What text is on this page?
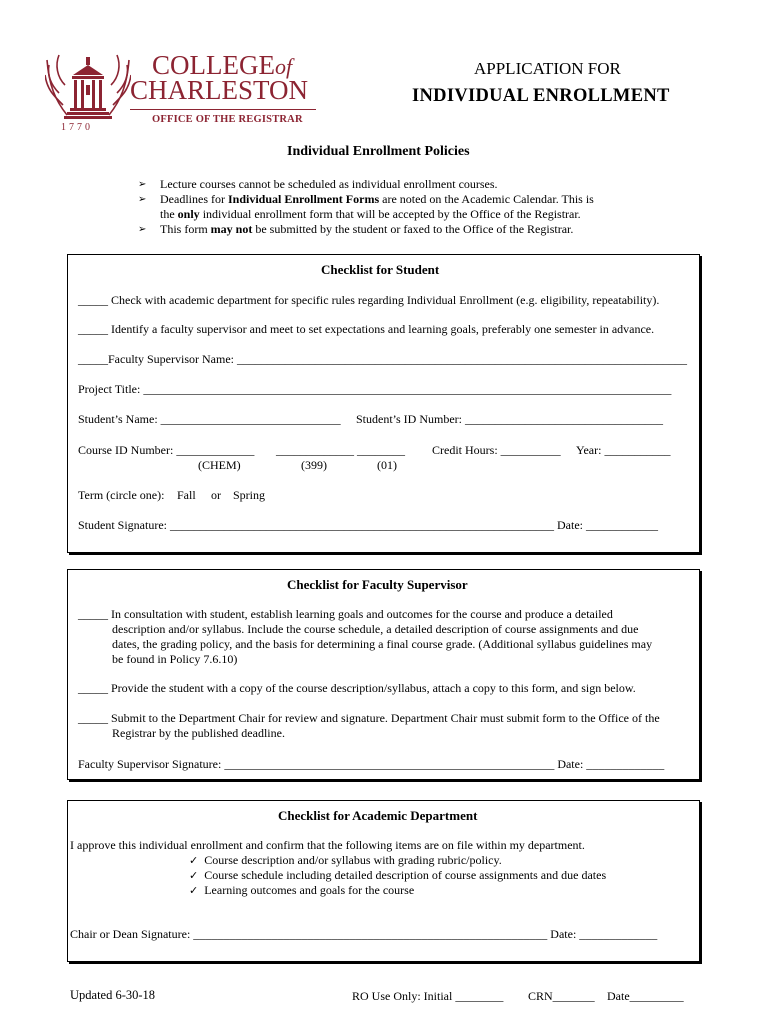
COLLEGEof
CHARLESTON
OFFICE OF THE REGISTRAR
1770
APPLICATION FOR
INDIVIDUAL ENROLLMENT
Individual Enrollment Policies
➢ Lecture courses cannot be scheduled as individual enrollment courses.
➢ Deadlines for Individual Enrollment Forms are noted on the Academic Calendar. This is
the only individual enrollment form that will be accepted by the Office of the Registrar.
➢ This form may not be submitted by the student or faxed to the Office of the Registrar.
Checklist for Student
_____ Check with academic department for specific rules regarding Individual Enrollment (e.g. eligibility, repeatability).
_____ Identify a faculty supervisor and meet to set expectations and learning goals, preferably one semester in advance.
_____Faculty Supervisor Name: ___________________________________________________________________________
Project Title: ________________________________________________________________________________________
Student’s Name: ______________________________ Student’s ID Number: _________________________________
Course ID Number: _____________ _____________ ________ Credit Hours: __________ Year: ___________
(CHEM)	(399)	(01)
Term (circle one): Fall or Spring
Student Signature: ________________________________________________________________ Date: ____________
Checklist for Faculty Supervisor
_____ In consultation with student, establish learning goals and outcomes for the course and produce a detailed
description and/or syllabus. Include the course schedule, a detailed description of course assignments and due
dates, the grading policy, and the basis for determining a final course grade. (Additional syllabus guidelines may
be found in Policy 7.6.10)
_____ Provide the student with a copy of the course description/syllabus, attach a copy to this form, and sign below.
_____ Submit to the Department Chair for review and signature. Department Chair must submit form to the Office of the
Registrar by the published deadline.
Faculty Supervisor Signature: _______________________________________________________ Date: _____________
Checklist for Academic Department
I approve this individual enrollment and confirm that the following items are on file within my department.
✓ Course description and/or syllabus with grading rubric/policy.
✓ Course schedule including detailed description of course assignments and due dates
✓ Learning outcomes and goals for the course
Chair or Dean Signature: ___________________________________________________________ Date: _____________
Updated 6-30-18	RO Use Only: Initial ________ CRN_______ Date_________
